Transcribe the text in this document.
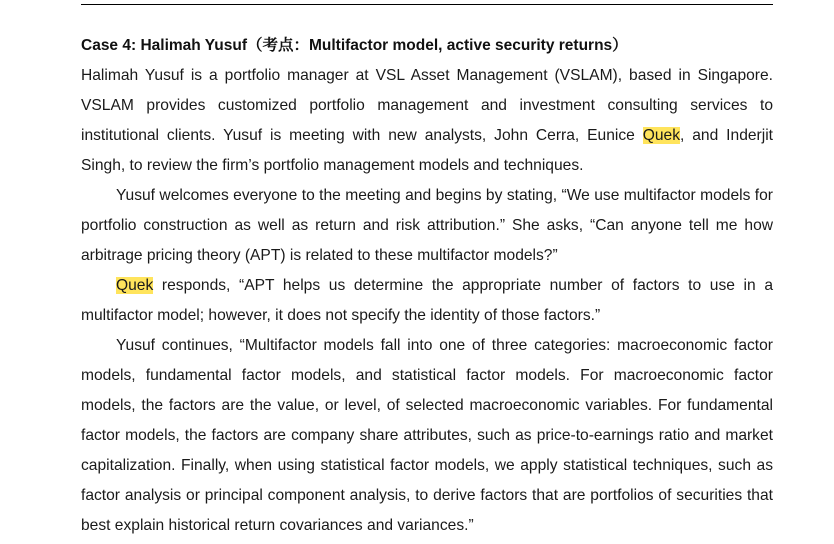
Case 4: Halimah Yusuf（考点：Multifactor model, active security returns）

Halimah Yusuf is a portfolio manager at VSL Asset Management (VSLAM), based in Singapore. VSLAM provides customized portfolio management and investment consulting services to institutional clients. Yusuf is meeting with new analysts, John Cerra, Eunice Quek, and Inderjit Singh, to review the firm’s portfolio management models and techniques.

Yusuf welcomes everyone to the meeting and begins by stating, “We use multifactor models for portfolio construction as well as return and risk attribution.” She asks, “Can anyone tell me how arbitrage pricing theory (APT) is related to these multifactor models?”

Quek responds, “APT helps us determine the appropriate number of factors to use in a multifactor model; however, it does not specify the identity of those factors.”

Yusuf continues, “Multifactor models fall into one of three categories: macroeconomic factor models, fundamental factor models, and statistical factor models. For macroeconomic factor models, the factors are the value, or level, of selected macroeconomic variables. For fundamental factor models, the factors are company share attributes, such as price-to-earnings ratio and market capitalization. Finally, when using statistical factor models, we apply statistical techniques, such as factor analysis or principal component analysis, to derive factors that are portfolios of securities that best explain historical return covariances and variances.”
